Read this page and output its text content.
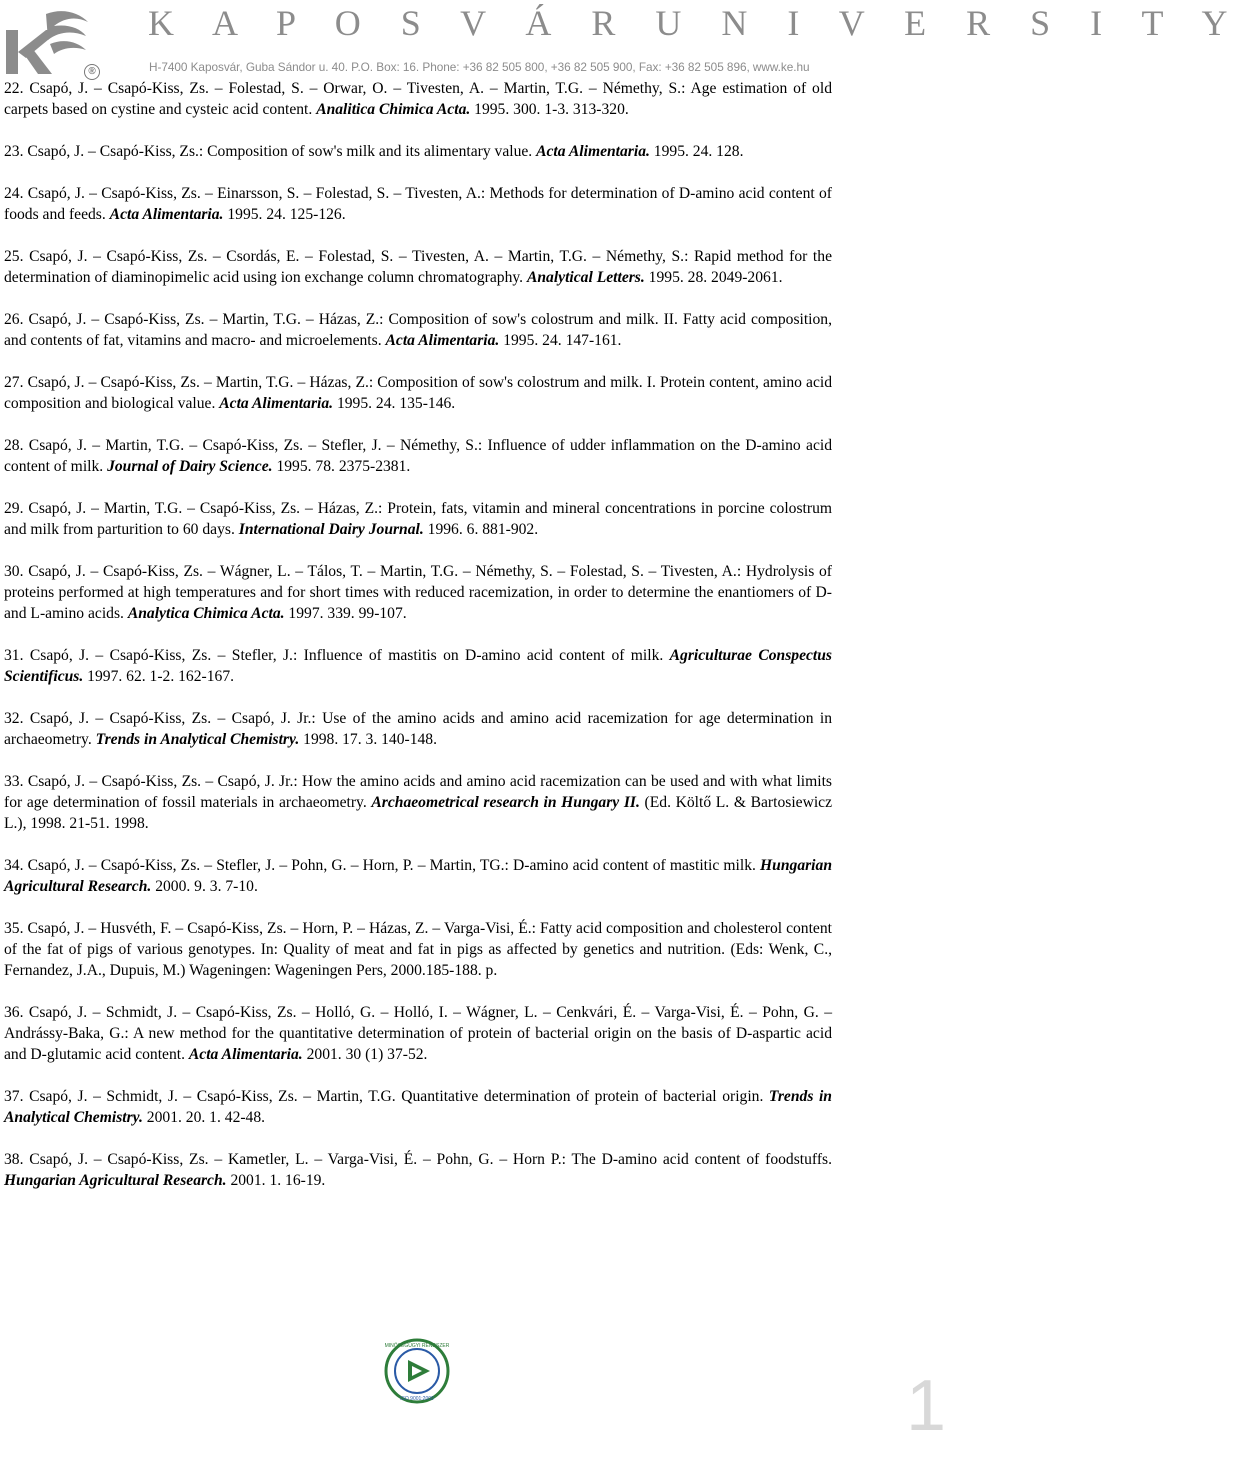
®
K A P O S V Á R U N I V E R S I T Y
H-7400 Kaposvár, Guba Sándor u. 40. P.O. Box: 16. Phone: +36 82 505 800, +36 82 505 900, Fax: +36 82 505 896, www.ke.hu

22. Csapó, J. ‒ Csapó-Kiss, Zs. ‒ Folestad, S. ‒ Orwar, O. ‒ Tivesten, A. ‒ Martin, T.G. ‒ Némethy, S.: Age estimation of old carpets based on cystine and cysteic acid content. Analitica Chimica Acta. 1995. 300. 1-3. 313-320.

23. Csapó, J. ‒ Csapó-Kiss, Zs.: Composition of sow's milk and its alimentary value. Acta Alimentaria. 1995. 24. 128.

24. Csapó, J. ‒ Csapó-Kiss, Zs. ‒ Einarsson, S. ‒ Folestad, S. ‒ Tivesten, A.: Methods for determination of D-amino acid content of foods and feeds. Acta Alimentaria. 1995. 24. 125-126.

25. Csapó, J. ‒ Csapó-Kiss, Zs. ‒ Csordás, E. ‒ Folestad, S. ‒ Tivesten, A. ‒ Martin, T.G. ‒ Némethy, S.: Rapid method for the determination of diaminopimelic acid using ion exchange column chromatography. Analytical Letters. 1995. 28. 2049-2061.

26. Csapó, J. ‒ Csapó-Kiss, Zs. ‒ Martin, T.G. ‒ Házas, Z.: Composition of sow's colostrum and milk. II. Fatty acid composition, and contents of fat, vitamins and macro- and microelements. Acta Alimentaria. 1995. 24. 147-161.

27. Csapó, J. ‒ Csapó-Kiss, Zs. ‒ Martin, T.G. ‒ Házas, Z.: Composition of sow's colostrum and milk. I. Protein content, amino acid composition and biological value. Acta Alimentaria. 1995. 24. 135-146.

28. Csapó, J. ‒ Martin, T.G. ‒ Csapó-Kiss, Zs. ‒ Stefler, J. ‒ Némethy, S.: Influence of udder inflammation on the D-amino acid content of milk. Journal of Dairy Science. 1995. 78. 2375-2381.

29. Csapó, J. ‒ Martin, T.G. ‒ Csapó-Kiss, Zs. ‒ Házas, Z.: Protein, fats, vitamin and mineral concentrations in porcine colostrum and milk from parturition to 60 days. International Dairy Journal. 1996. 6. 881-902.

30. Csapó, J. ‒ Csapó-Kiss, Zs. ‒ Wágner, L. ‒ Tálos, T. ‒ Martin, T.G. ‒ Némethy, S. ‒ Folestad, S. ‒ Tivesten, A.: Hydrolysis of proteins performed at high temperatures and for short times with reduced racemization, in order to determine the enantiomers of D- and L-amino acids. Analytica Chimica Acta. 1997. 339. 99-107.

31. Csapó, J. ‒ Csapó-Kiss, Zs. ‒ Stefler, J.: Influence of mastitis on D-amino acid content of milk. Agriculturae Conspectus Scientificus. 1997. 62. 1-2. 162-167.

32. Csapó, J. ‒ Csapó-Kiss, Zs. ‒ Csapó, J. Jr.: Use of the amino acids and amino acid racemization for age determination in archaeometry. Trends in Analytical Chemistry. 1998. 17. 3. 140-148.

33. Csapó, J. ‒ Csapó-Kiss, Zs. ‒ Csapó, J. Jr.: How the amino acids and amino acid racemization can be used and with what limits for age determination of fossil materials in archaeometry. Archaeometrical research in Hungary II. (Ed. Költő L. & Bartosiewicz L.), 1998. 21-51. 1998.

34. Csapó, J. ‒ Csapó-Kiss, Zs. ‒ Stefler, J. ‒ Pohn, G. ‒ Horn, P. ‒ Martin, TG.: D-amino acid content of mastitic milk. Hungarian Agricultural Research. 2000. 9. 3. 7-10.

35. Csapó, J. ‒ Husvéth, F. ‒ Csapó-Kiss, Zs. ‒ Horn, P. ‒ Házas, Z. ‒ Varga-Visi, É.: Fatty acid composition and cholesterol content of the fat of pigs of various genotypes. In: Quality of meat and fat in pigs as affected by genetics and nutrition. (Eds: Wenk, C., Fernandez, J.A., Dupuis, M.) Wageningen: Wageningen Pers, 2000.185-188. p.

36. Csapó, J. ‒ Schmidt, J. ‒ Csapó-Kiss, Zs. ‒ Holló, G. ‒ Holló, I. ‒ Wágner, L. ‒ Cenkvári, É. ‒ Varga-Visi, É. ‒ Pohn, G. ‒ Andrássy-Baka, G.: A new method for the quantitative determination of protein of bacterial origin on the basis of D-aspartic acid and D-glutamic acid content. Acta Alimentaria. 2001. 30 (1) 37-52.

37. Csapó, J. ‒ Schmidt, J. ‒ Csapó-Kiss, Zs. ‒ Martin, T.G. Quantitative determination of protein of bacterial origin. Trends in Analytical Chemistry. 2001. 20. 1. 42-48.

38. Csapó, J. ‒ Csapó-Kiss, Zs. ‒ Kametler, L. ‒ Varga-Visi, É. ‒ Pohn, G. ‒ Horn P.: The D-amino acid content of foodstuffs. Hungarian Agricultural Research. 2001. 1. 16-19.

MINŐSÉGÜGYI RENDSZER
ISO 9001:2000	1
